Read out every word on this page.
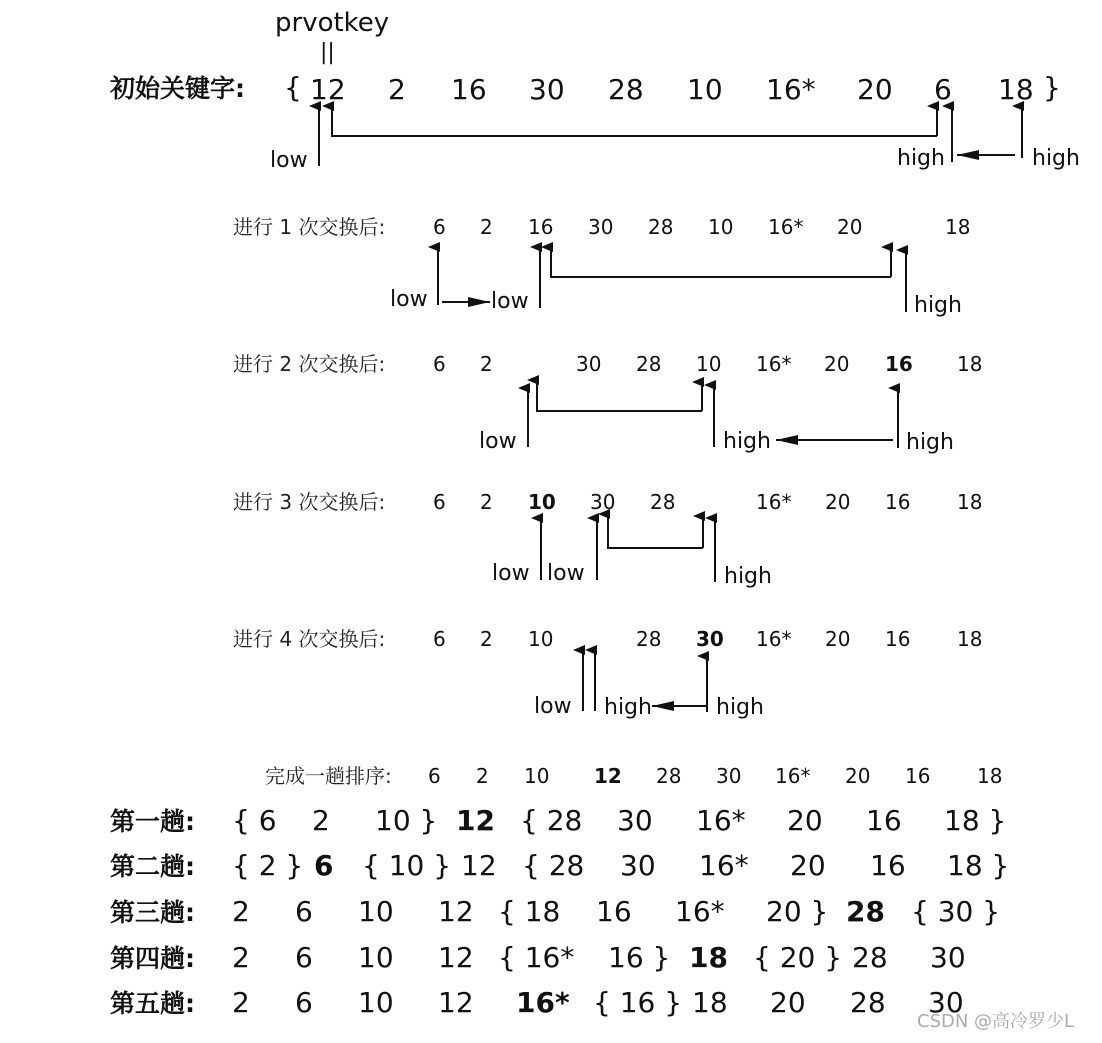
prvotkey
||
初始关键字: {	}
12 2 16 30 28 10 16* 20 6 18
low	high	high
进行 1 次交换后: 6 2 16 30 28 10 16* 20	18
进行 2 次交换后: 6 2	30 28 10 16* 20 16 18
进行 3 次交换后: 6 2 10 30 28	16* 20 16 18
进行 4 次交换后: 6 2 10	28 30 16* 20 16 18
low	low	high
low	high	high
low low	high
low high	high
完成一趟排序: 6 2 10 12 28 30 16* 20 16 18
第一趟: { 6 2 10 } 12 { 28 30 16* 20 16 18 }
第二趟: { 2 } 6 { 10 } 12 { 28 30 16* 20 16 18 }
第三趟: 2 6 10 12 { 18 16 16* 20 } 28 { 30 }
第四趟: 2 6 10 12 { 16* 16 } 18 { 20 } 28 30
第五趟: 2 6 10 12 16* { 16 } 18 20 28 30
CSDN @高冷罗少L
